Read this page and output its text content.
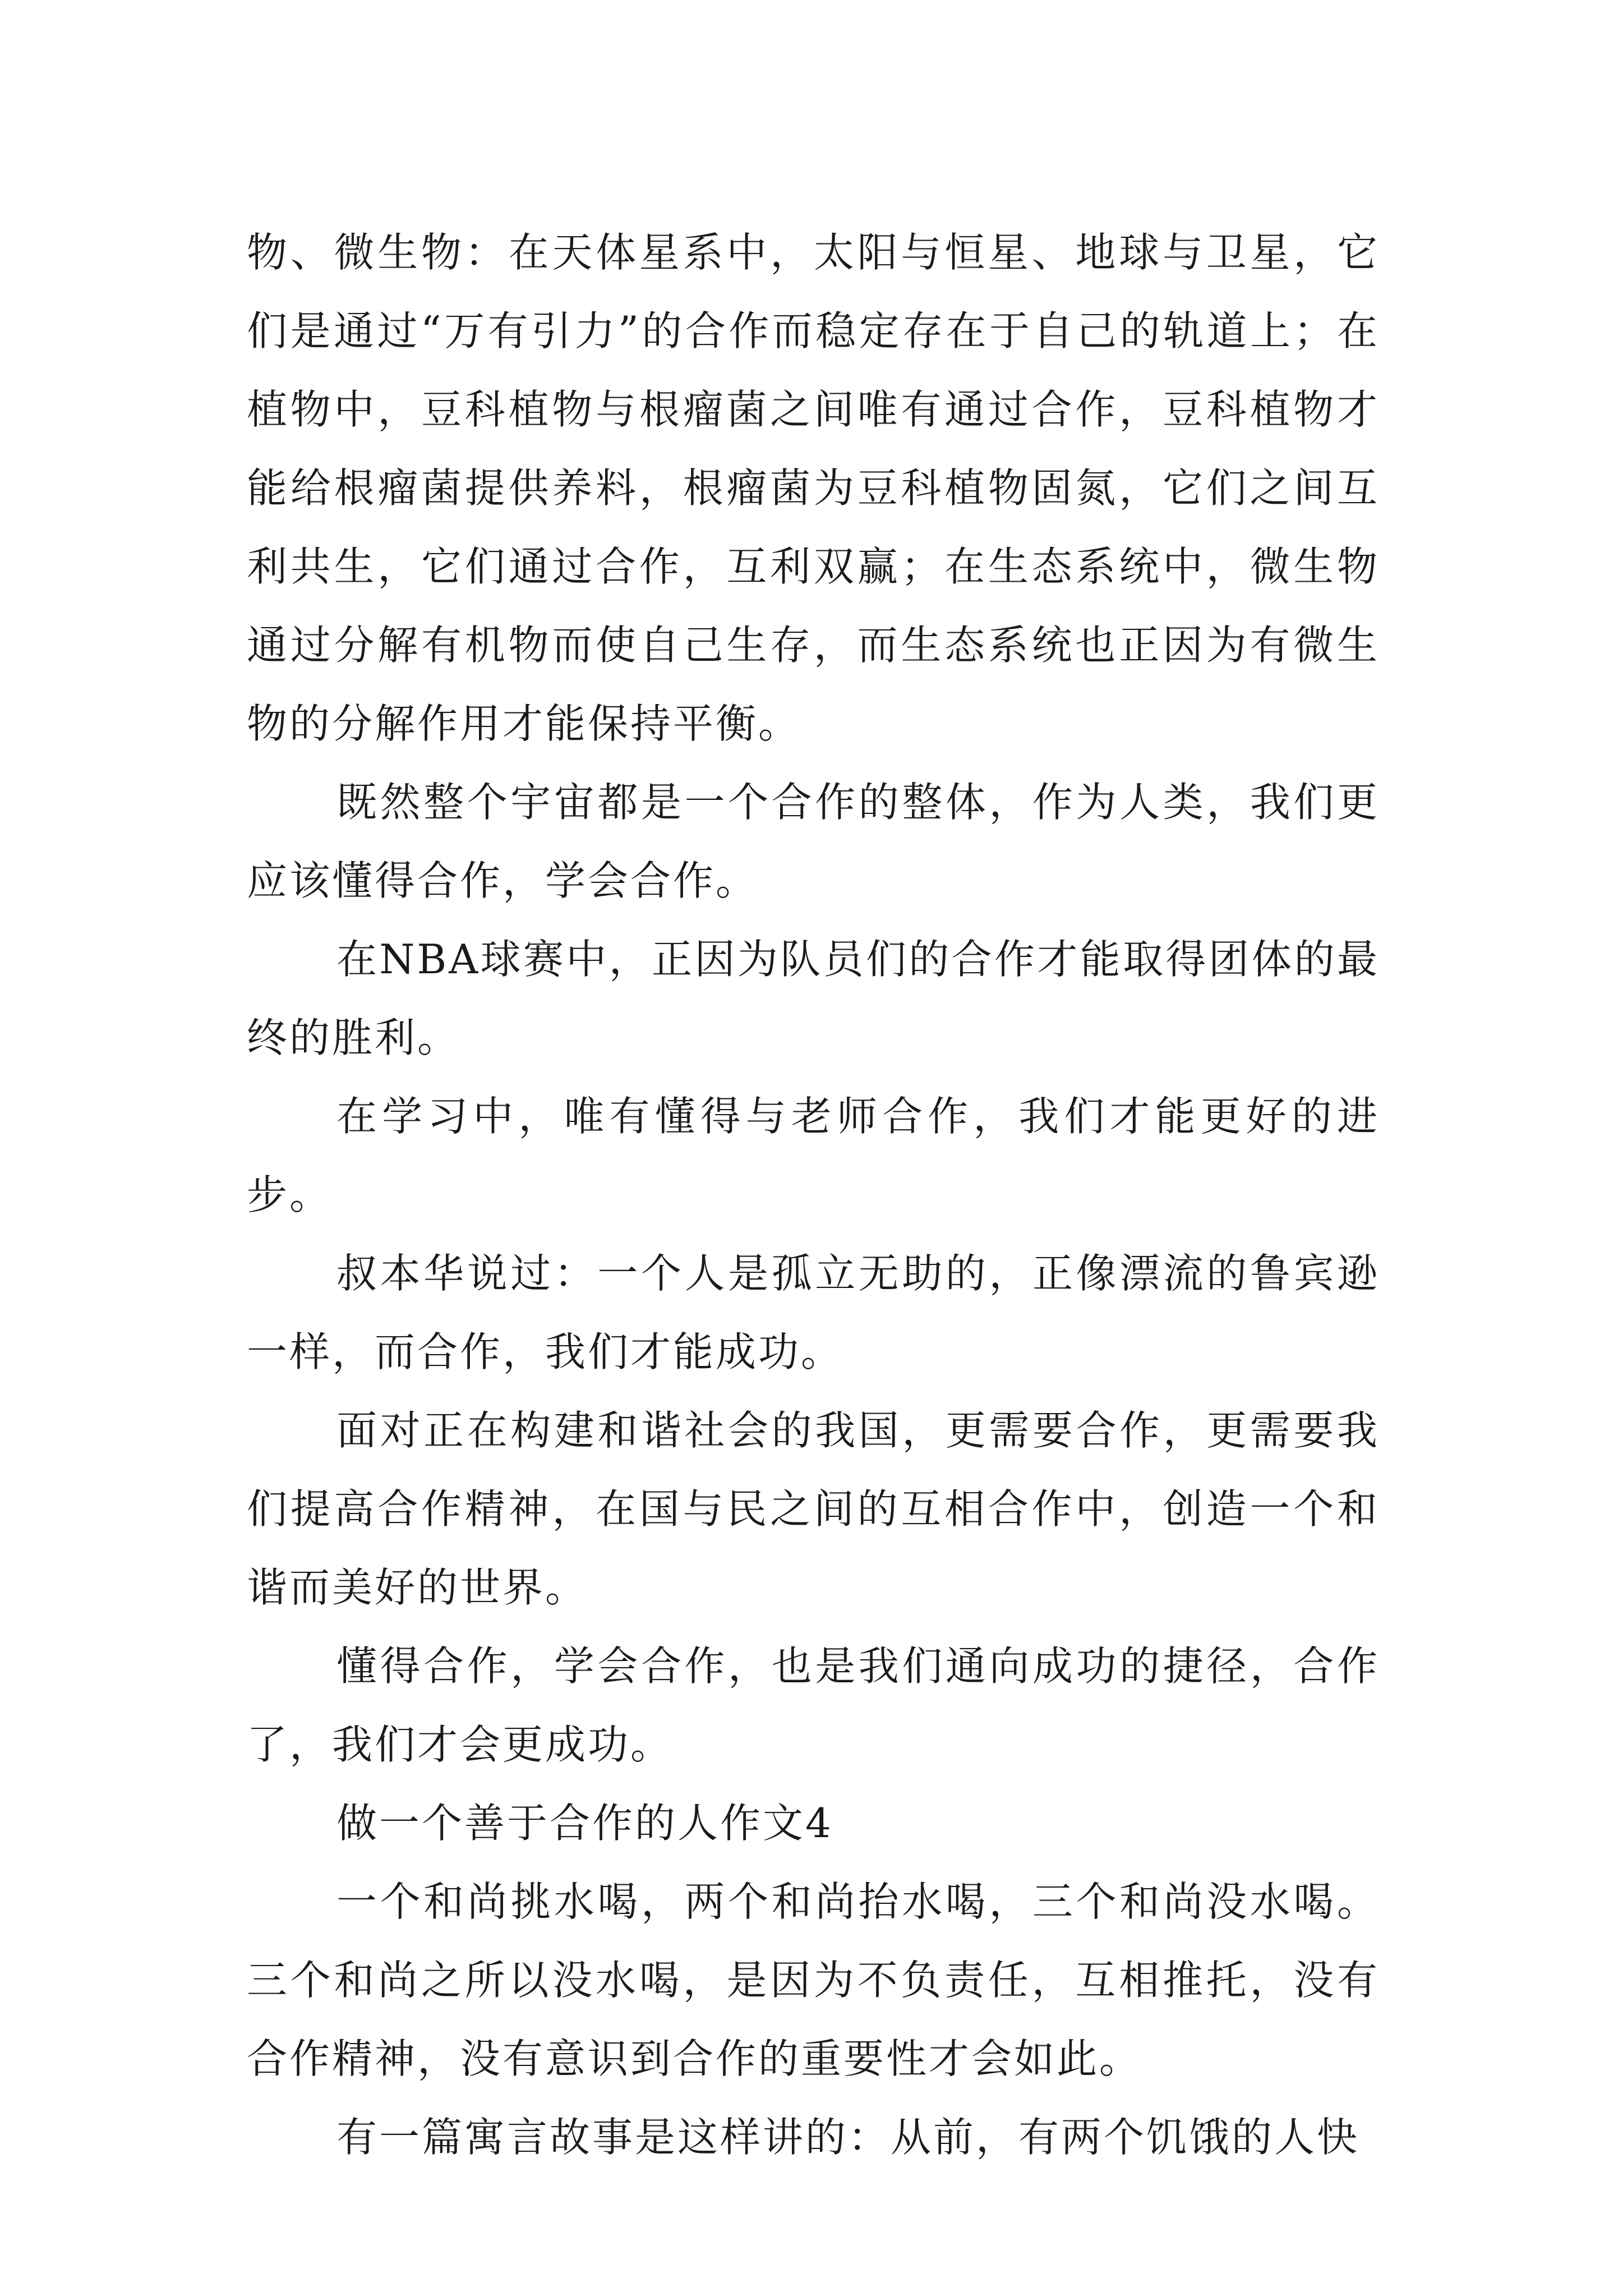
物、微生物：在天体星系中，太阳与恒星、地球与卫星，它们是通过“万有引力”的合作而稳定存在于自己的轨道上；在植物中，豆科植物与根瘤菌之间唯有通过合作，豆科植物才能给根瘤菌提供养料，根瘤菌为豆科植物固氮，它们之间互利共生，它们通过合作，互利双赢；在生态系统中，微生物通过分解有机物而使自己生存，而生态系统也正因为有微生物的分解作用才能保持平衡。

既然整个宇宙都是一个合作的整体，作为人类，我们更应该懂得合作，学会合作。

在NBA球赛中，正因为队员们的合作才能取得团体的最终的胜利。

在学习中，唯有懂得与老师合作，我们才能更好的进步。

叔本华说过：一个人是孤立无助的，正像漂流的鲁宾逊一样，而合作，我们才能成功。

面对正在构建和谐社会的我国，更需要合作，更需要我们提高合作精神，在国与民之间的互相合作中，创造一个和谐而美好的世界。

懂得合作，学会合作，也是我们通向成功的捷径，合作了，我们才会更成功。

做一个善于合作的人作文4

一个和尚挑水喝，两个和尚抬水喝，三个和尚没水喝。三个和尚之所以没水喝，是因为不负责任，互相推托，没有合作精神，没有意识到合作的重要性才会如此。

有一篇寓言故事是这样讲的：从前，有两个饥饿的人快
